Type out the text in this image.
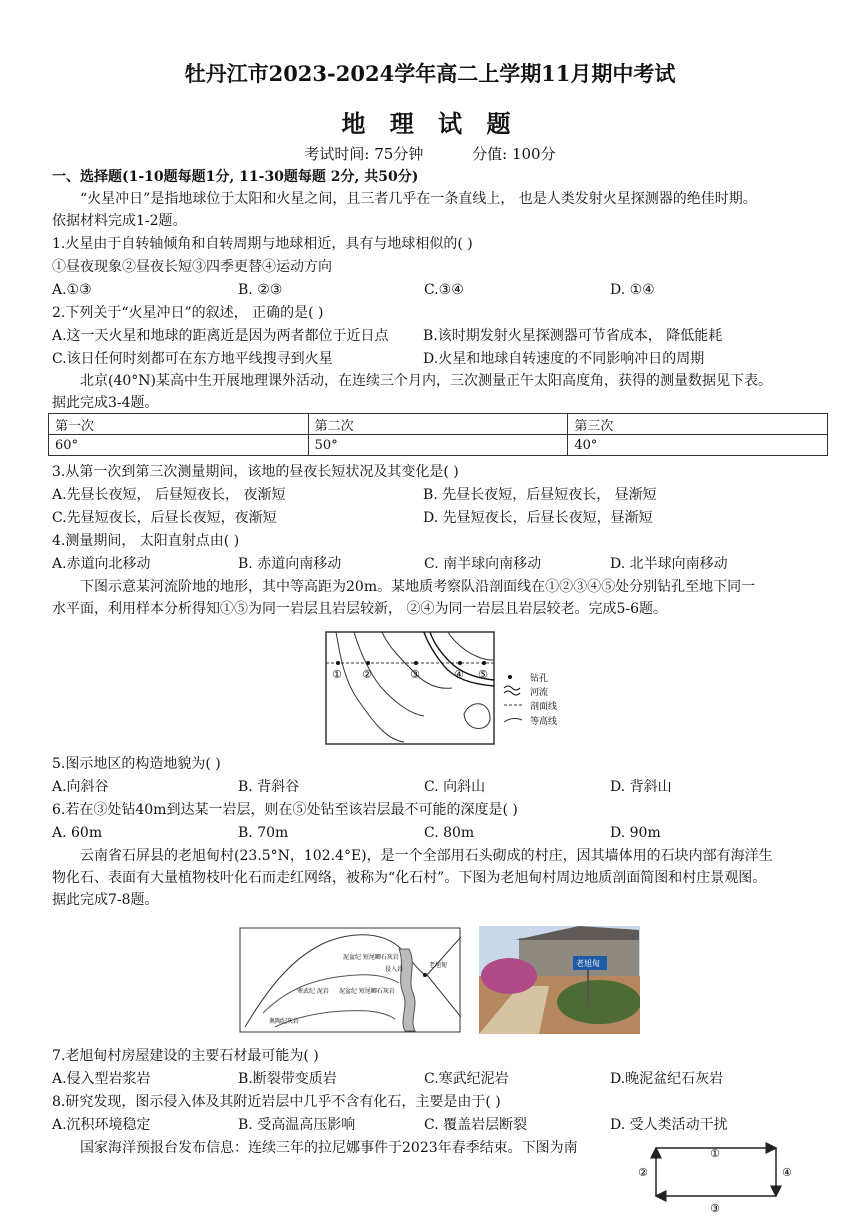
牡丹江市2023-2024学年高二上学期11月期中考试
地 理 试 题
考试时间: 75分钟	分值: 100分
一、选择题(1-10题每题1分, 11-30题每题 2分, 共50分)
“火星冲日”是指地球位于太阳和火星之间，且三者几乎在一条直线上， 也是人类发射火星探测器的绝佳时期。
依据材料完成1-2题。
1.火星由于自转轴倾角和自转周期与地球相近，具有与地球相似的( )
①昼夜现象②昼夜长短③四季更替④运动方向
A.①③	B. ②③	C.③④	D. ①④
2.下列关于“火星冲日”的叙述， 正确的是( )
A.这一天火星和地球的距离近是因为两者都位于近日点	B.该时期发射火星探测器可节省成本， 降低能耗
C.该日任何时刻都可在东方地平线搜寻到火星	D.火星和地球自转速度的不同影响冲日的周期
北京(40°N)某高中生开展地理课外活动，在连续三个月内，三次测量正午太阳高度角，获得的测量数据见下表。
据此完成3-4题。
第一次	第二次	第三次
60°	50°	40°
3.从第一次到第三次测量期间，该地的昼夜长短状况及其变化是( )
A.先昼长夜短， 后昼短夜长， 夜渐短	B. 先昼长夜短，后昼短夜长， 昼渐短
C.先昼短夜长，后昼长夜短，夜渐短	D. 先昼短夜长，后昼长夜短，昼渐短
4.测量期间， 太阳直射点由( )
A.赤道向北移动	B. 赤道向南移动	C. 南半球向南移动	D. 北半球向南移动
下图示意某河流阶地的地形，其中等高距为20m。某地质考察队沿剖面线在①②③④⑤处分别钻孔至地下同一
水平面，利用样本分析得知①⑤为同一岩层且岩层较新， ②④为同一岩层且岩层较老。完成5-6题。
① ②	③	④ ⑤	钻孔
河流
剖面线
等高线
5.图示地区的构造地貌为( )
A.向斜谷	B. 背斜谷	C. 向斜山	D. 背斜山
6.若在③处钻40m到达某一岩层，则在⑤处钻至该岩层最不可能的深度是( )
A. 60m	B. 70m	C. 80m	D. 90m
云南省石屏县的老旭甸村(23.5°N，102.4°E)，是一个全部用石头砌成的村庄，因其墙体用的石块内部有海洋生
物化石、表面有大量植物枝叶化石而走红网络，被称为“化石村”。下图为老旭甸村周边地质剖面简图和村庄景观图。
据此完成7-8题。
泥盆纪 短尾鲫石灰岩
寒武纪 泥岩 泥盆纪 短尾鲫石灰岩
侵入岩
奥陶纪灰岩
老旭甸	老旭甸
7.老旭甸村房屋建设的主要石材最可能为( )
A.侵入型岩浆岩	B.断裂带变质岩	C.寒武纪泥岩	D.晚泥盆纪石灰岩
8.研究发现，图示侵入体及其附近岩层中几乎不含有化石，主要是由于( )
A.沉积环境稳定	B. 受高温高压影响	C. 覆盖岩层断裂	D. 受人类活动干扰
国家海洋预报台发布信息：连续三年的拉尼娜事件于2023年春季结束。下图为南	①
②
③
④
